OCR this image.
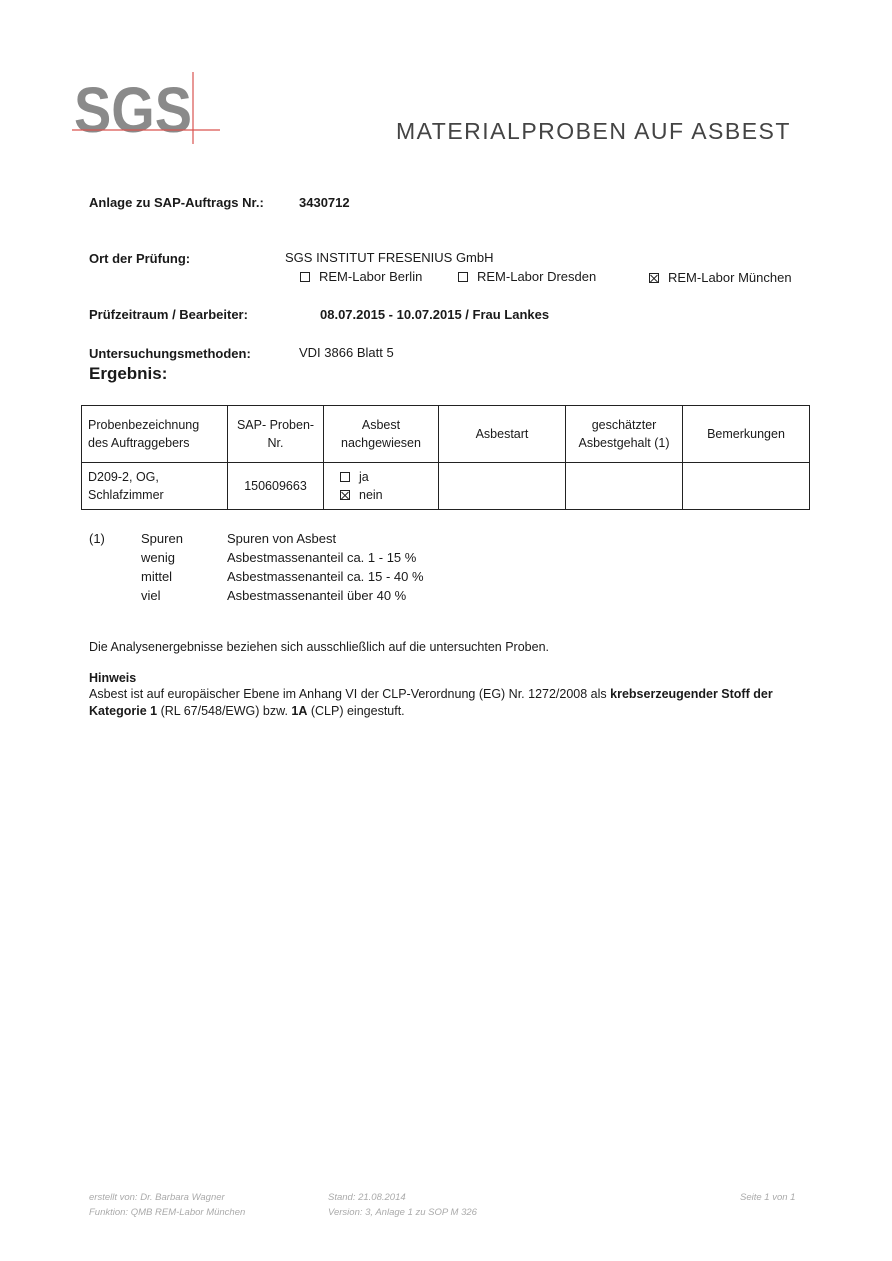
SGS	MATERIALPROBEN AUF ASBEST
Anlage zu SAP-Auftrags Nr.:	3430712
Ort der Prüfung:	SGS INSTITUT FRESENIUS GmbH
REM-Labor Berlin	REM-Labor Dresden	REM-Labor München
Prüfzeitraum / Bearbeiter:	08.07.2015 - 10.07.2015 / Frau Lankes
Untersuchungsmethoden:	VDI 3866 Blatt 5
Ergebnis:
Probenbezeichnung des Auftraggebers	SAP- Proben-Nr.	Asbest nachgewiesen	Asbestart	geschätzter Asbestgehalt (1)	Bemerkungen
D209-2, OG, Schlafzimmer	150609663	ja
nein			

(1)	Spuren	Spuren von Asbest
wenig	Asbestmassenanteil ca. 1 - 15 %
mittel	Asbestmassenanteil ca. 15 - 40 %
viel	Asbestmassenanteil über 40 %
Die Analysenergebnisse beziehen sich ausschließlich auf die untersuchten Proben.
Hinweis
Asbest ist auf europäischer Ebene im Anhang VI der CLP-Verordnung (EG) Nr. 1272/2008 als krebserzeugender Stoff der Kategorie 1 (RL 67/548/EWG) bzw. 1A (CLP) eingestuft.
erstellt von: Dr. Barbara Wagner
Funktion: QMB REM-Labor München
Stand: 21.08.2014
Version: 3, Anlage 1 zu SOP M 326
Seite 1 von 1
